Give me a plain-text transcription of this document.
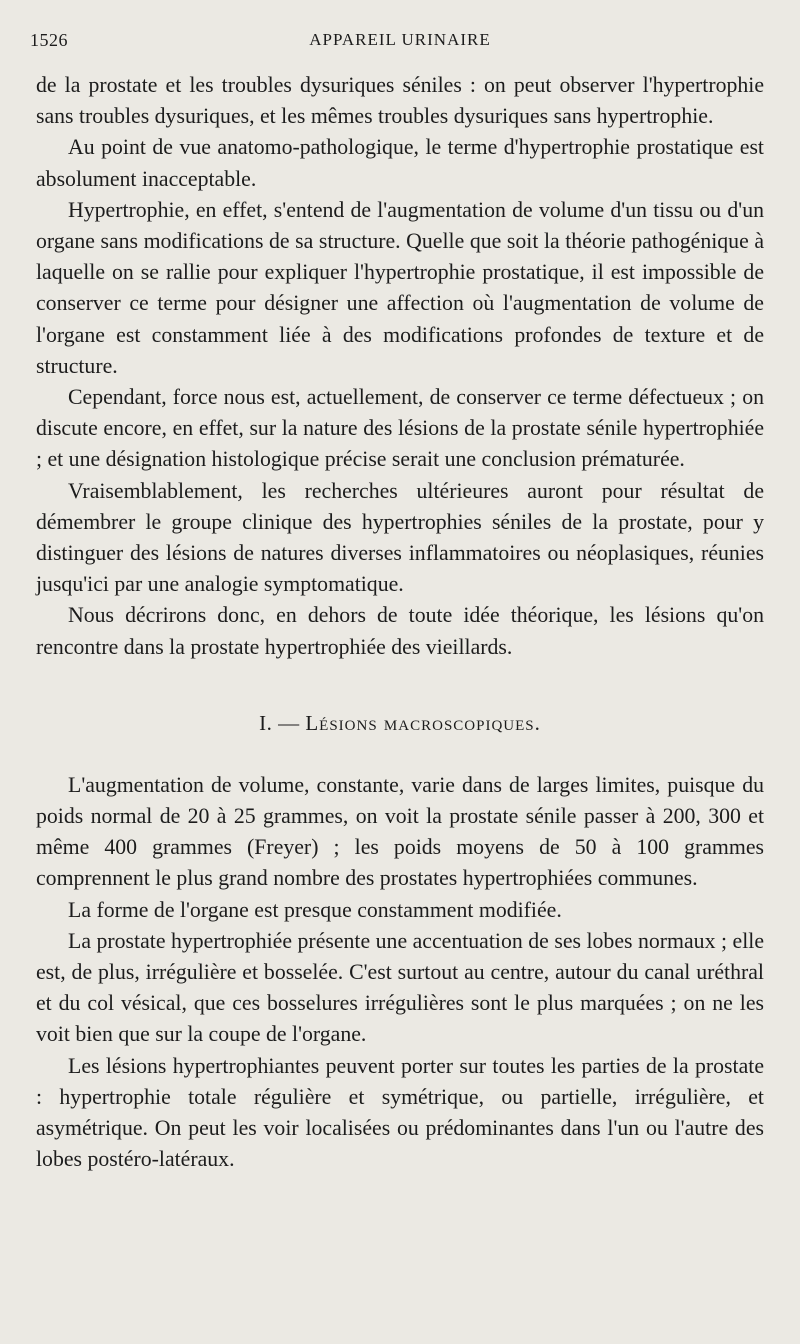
1526	APPAREIL URINAIRE

de la prostate et les troubles dysuriques séniles : on peut observer l'hypertrophie sans troubles dysuriques, et les mêmes troubles dysuriques sans hypertrophie.

Au point de vue anatomo-pathologique, le terme d'hypertrophie prostatique est absolument inacceptable.

Hypertrophie, en effet, s'entend de l'augmentation de volume d'un tissu ou d'un organe sans modifications de sa structure. Quelle que soit la théorie pathogénique à laquelle on se rallie pour expliquer l'hypertrophie prostatique, il est impossible de conserver ce terme pour désigner une affection où l'augmentation de volume de l'organe est constamment liée à des modifications profondes de texture et de structure.

Cependant, force nous est, actuellement, de conserver ce terme défectueux ; on discute encore, en effet, sur la nature des lésions de la prostate sénile hypertrophiée ; et une désignation histologique précise serait une conclusion prématurée.

Vraisemblablement, les recherches ultérieures auront pour résultat de démembrer le groupe clinique des hypertrophies séniles de la prostate, pour y distinguer des lésions de natures diverses inflammatoires ou néoplasiques, réunies jusqu'ici par une analogie symptomatique.

Nous décrirons donc, en dehors de toute idée théorique, les lésions qu'on rencontre dans la prostate hypertrophiée des vieillards.

I. — Lésions macroscopiques.

L'augmentation de volume, constante, varie dans de larges limites, puisque du poids normal de 20 à 25 grammes, on voit la prostate sénile passer à 200, 300 et même 400 grammes (Freyer) ; les poids moyens de 50 à 100 grammes comprennent le plus grand nombre des prostates hypertrophiées communes.

La forme de l'organe est presque constamment modifiée.

La prostate hypertrophiée présente une accentuation de ses lobes normaux ; elle est, de plus, irrégulière et bosselée. C'est surtout au centre, autour du canal uréthral et du col vésical, que ces bosselures irrégulières sont le plus marquées ; on ne les voit bien que sur la coupe de l'organe.

Les lésions hypertrophiantes peuvent porter sur toutes les parties de la prostate : hypertrophie totale régulière et symétrique, ou partielle, irrégulière, et asymétrique. On peut les voir localisées ou prédominantes dans l'un ou l'autre des lobes postéro-latéraux.
